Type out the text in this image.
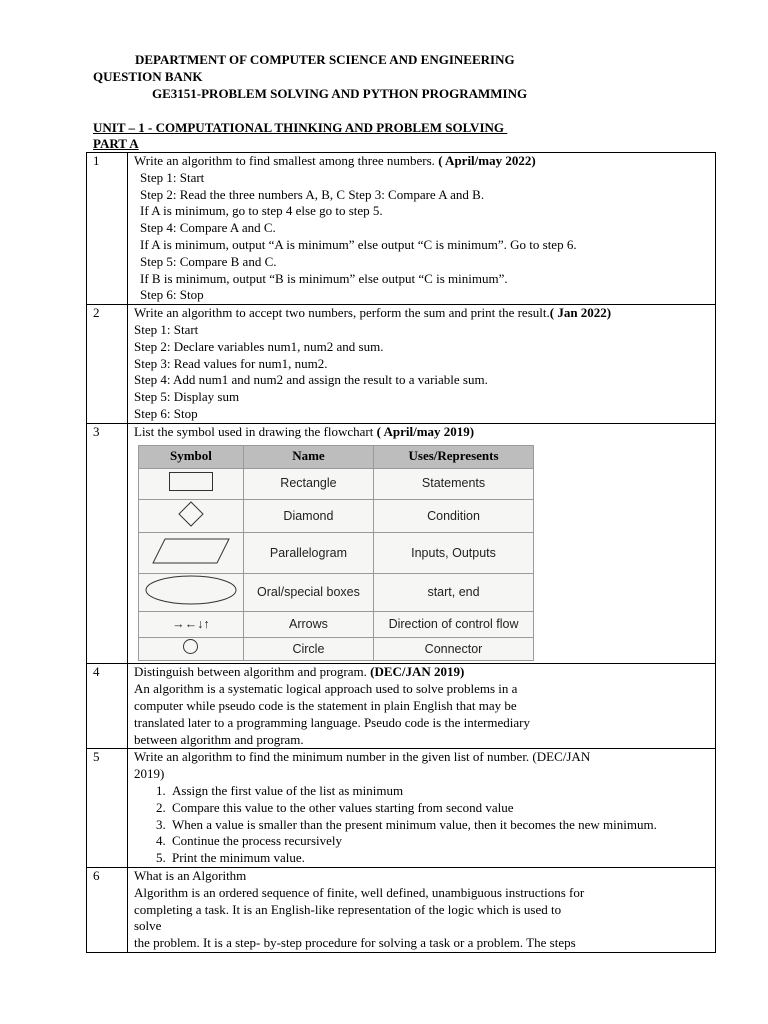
DEPARTMENT OF COMPUTER SCIENCE AND ENGINEERING
QUESTION BANK
GE3151-PROBLEM SOLVING AND PYTHON PROGRAMMING
UNIT – 1 - COMPUTATIONAL THINKING AND PROBLEM SOLVING
PART A
1	Write an algorithm to find smallest among three numbers. ( April/may 2022)
Step 1: Start
Step 2: Read the three numbers A, B, C Step 3: Compare A and B.
If A is minimum, go to step 4 else go to step 5.
Step 4: Compare A and C.
If A is minimum, output “A is minimum” else output “C is minimum”. Go to step 6.
Step 5: Compare B and C.
If B is minimum, output “B is minimum” else output “C is minimum”.
Step 6: Stop

2	Write an algorithm to accept two numbers, perform the sum and print the result.( Jan 2022)
Step 1: Start
Step 2: Declare variables num1, num2 and sum.
Step 3: Read values for num1, num2.
Step 4: Add num1 and num2 and assign the result to a variable sum.
Step 5: Display sum
Step 6: Stop

3	List the symbol used in drawing the flowchart ( April/may 2019)
Symbol	Name	Uses/Represents
	Rectangle	Statements
	Diamond	Condition
	Parallelogram	Inputs, Outputs
	Oral/special boxes	start, end
→←↓↑	Arrows	Direction of control flow
	Circle	Connector

4	Distinguish between algorithm and program. (DEC/JAN 2019)
An algorithm is a systematic logical approach used to solve problems in a
computer while pseudo code is the statement in plain English that may be
translated later to a programming language. Pseudo code is the intermediary
between algorithm and program.

5	Write an algorithm to find the minimum number in the given list of number. (DEC/JAN
2019)
1. Assign the first value of the list as minimum
2. Compare this value to the other values starting from second value
3. When a value is smaller than the present minimum value, then it becomes the new minimum.
4. Continue the process recursively
5. Print the minimum value.

6	What is an Algorithm
Algorithm is an ordered sequence of finite, well defined, unambiguous instructions for
completing a task. It is an English-like representation of the logic which is used to
solve
the problem. It is a step- by-step procedure for solving a task or a problem. The steps
